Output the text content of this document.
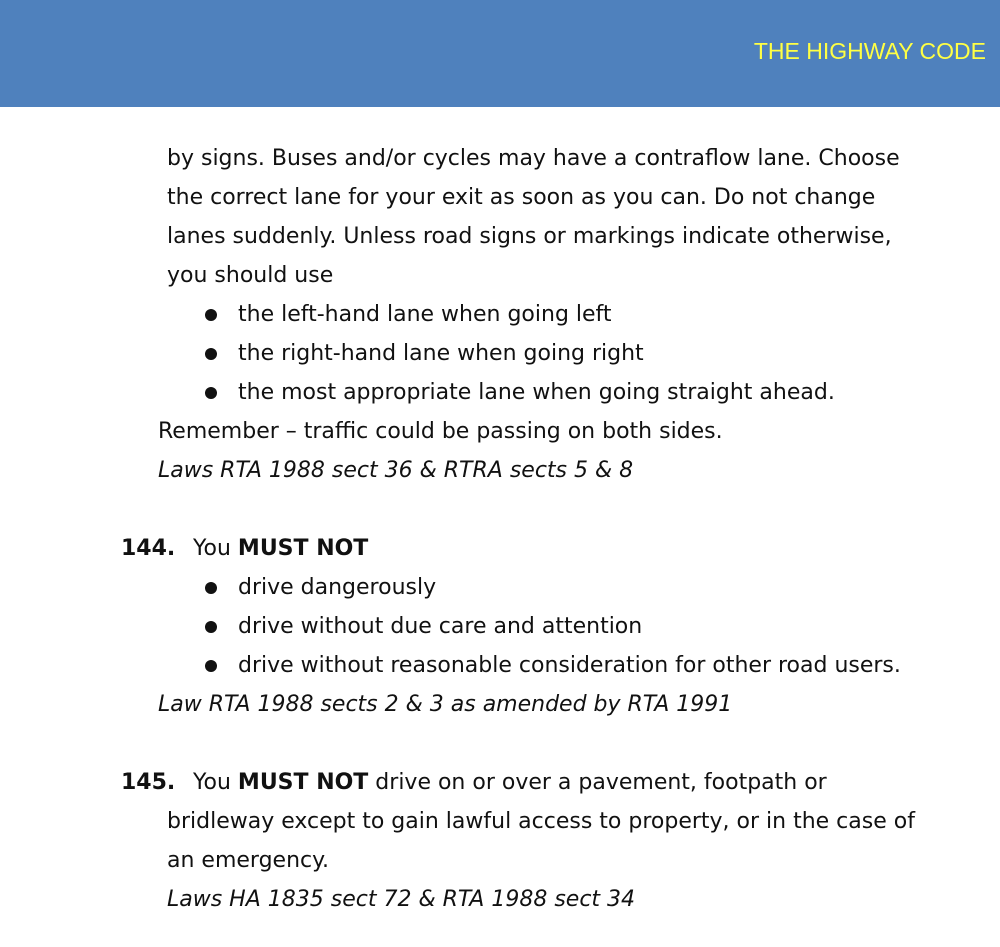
THE HIGHWAY CODE
by signs. Buses and/or cycles may have a contraflow lane. Choose
the correct lane for your exit as soon as you can. Do not change
lanes suddenly. Unless road signs or markings indicate otherwise,
you should use
the left-hand lane when going left
the right-hand lane when going right
the most appropriate lane when going straight ahead.
Remember – traffic could be passing on both sides.
Laws RTA 1988 sect 36 & RTRA sects 5 & 8
144. You MUST NOT
drive dangerously
drive without due care and attention
drive without reasonable consideration for other road users.
Law RTA 1988 sects 2 & 3 as amended by RTA 1991
145. You MUST NOT drive on or over a pavement, footpath or
bridleway except to gain lawful access to property, or in the case of
an emergency.
Laws HA 1835 sect 72 & RTA 1988 sect 34
